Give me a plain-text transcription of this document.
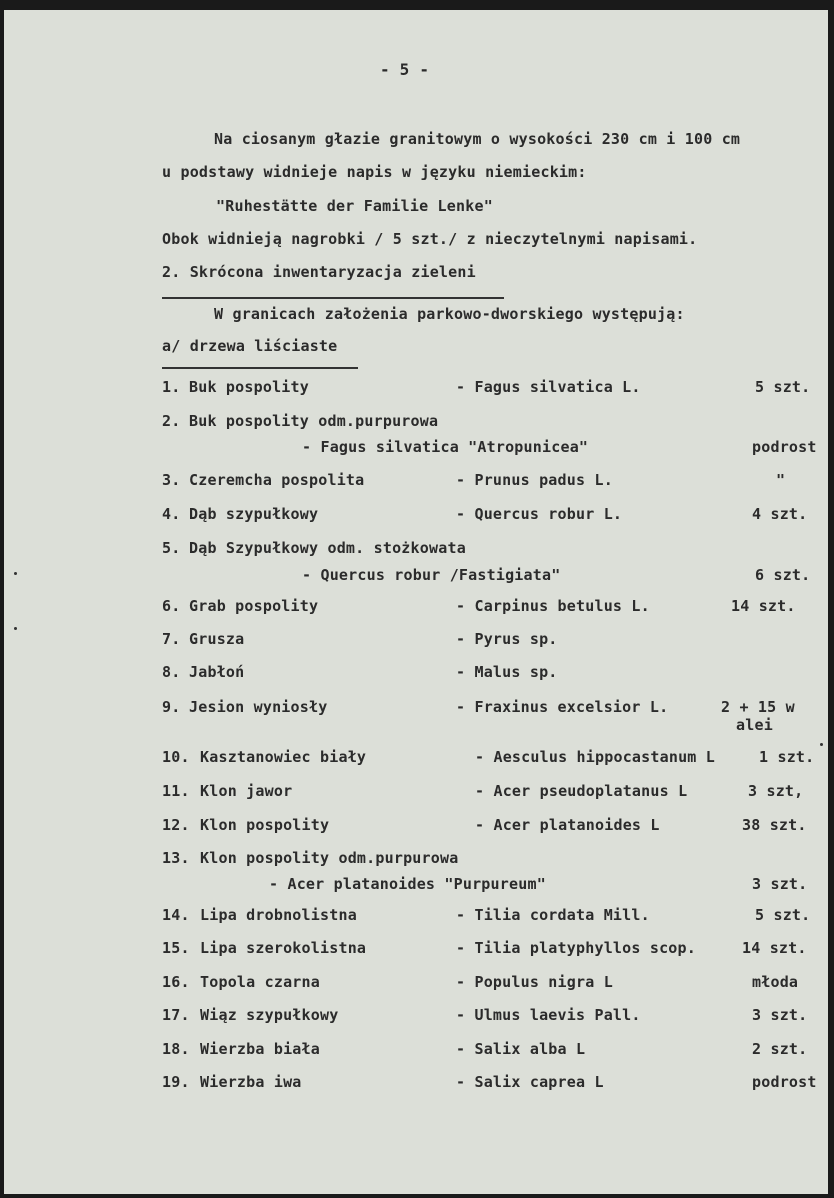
- 5 -
Na ciosanym głazie granitowym o wysokości 230 cm i 100 cm
u podstawy widnieje napis w języku niemieckim:
"Ruhestätte der Familie Lenke"
Obok widnieją nagrobki / 5 szt./ z nieczytelnymi napisami.
2. Skrócona inwentaryzacja zieleni
W granicach założenia parkowo-dworskiego występują:
a/ drzewa liściaste
1. Buk pospolity	- Fagus silvatica L.	5 szt.
2. Buk pospolity odm.purpurowa
- Fagus silvatica "Atropunicea"	podrost
3. Czeremcha pospolita	- Prunus padus L.	"
4. Dąb szypułkowy	- Quercus robur L.	4 szt.
5. Dąb Szypułkowy odm. stożkowata
- Quercus robur /Fastigiata"	6 szt.
6. Grab pospolity	- Carpinus betulus L.	14 szt.
7. Grusza	- Pyrus sp.
8. Jabłoń	- Malus sp.
9. Jesion wyniosły	- Fraxinus excelsior L.	2 + 15 w
alei
10. Kasztanowiec biały	- Aesculus hippocastanum L	1 szt.
11. Klon jawor	- Acer pseudoplatanus L	3 szt,
12. Klon pospolity	- Acer platanoides L	38 szt.
13. Klon pospolity odm.purpurowa
- Acer platanoides "Purpureum"	3 szt.
14. Lipa drobnolistna	- Tilia cordata Mill.	5 szt.
15. Lipa szerokolistna	- Tilia platyphyllos scop.	14 szt.
16. Topola czarna	- Populus nigra L	młoda
17. Wiąz szypułkowy	- Ulmus laevis Pall.	3 szt.
18. Wierzba biała	- Salix alba L	2 szt.
19. Wierzba iwa	- Salix caprea L	podrost
